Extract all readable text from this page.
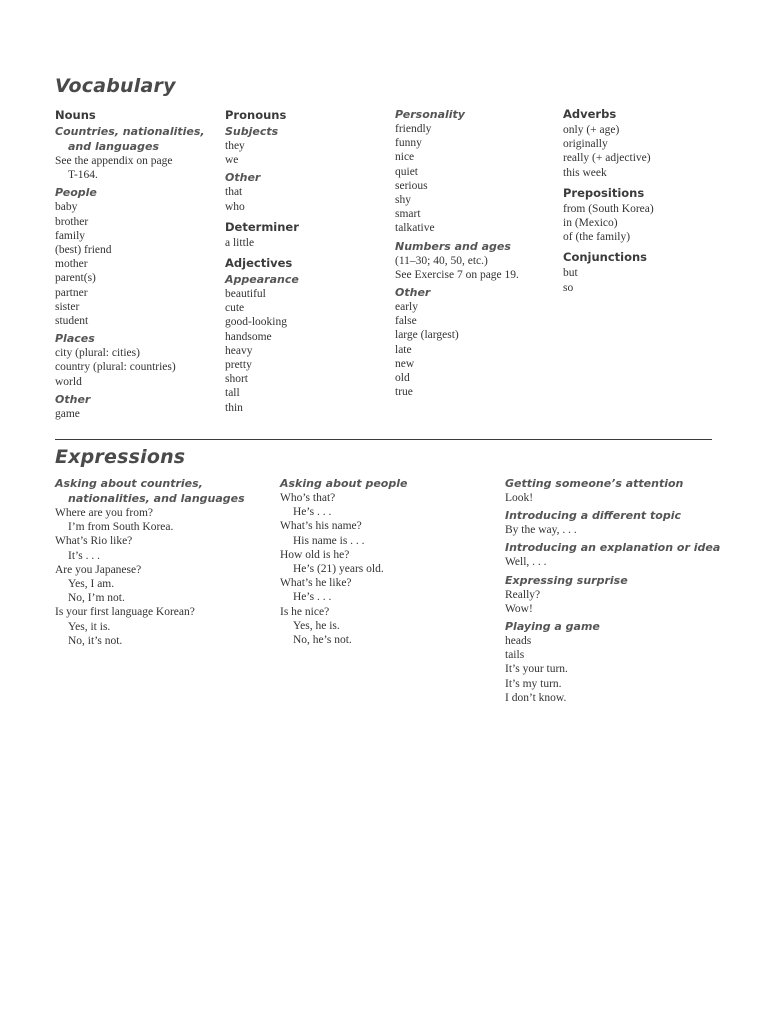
Vocabulary
Nouns
Countries, nationalities,
and languages
See the appendix on page
T-164.
People
baby
brother
family
(best) friend
mother
parent(s)
partner
sister
student
Places
city (plural: cities)
country (plural: countries)
world
Other
game
Pronouns
Subjects
they
we
Other
that
who
Determiner
a little
Adjectives
Appearance
beautiful
cute
good-looking
handsome
heavy
pretty
short
tall
thin
Personality
friendly
funny
nice
quiet
serious
shy
smart
talkative
Numbers and ages
(11–30; 40, 50, etc.)
See Exercise 7 on page 19.
Other
early
false
large (largest)
late
new
old
true
Adverbs
only (+ age)
originally
really (+ adjective)
this week
Prepositions
from (South Korea)
in (Mexico)
of (the family)
Conjunctions
but
so
Expressions
Asking about countries,
nationalities, and languages
Where are you from?
I’m from South Korea.
What’s Rio like?
It’s . . .
Are you Japanese?
Yes, I am.
No, I’m not.
Is your first language Korean?
Yes, it is.
No, it’s not.
Asking about people
Who’s that?
He’s . . .
What’s his name?
His name is . . .
How old is he?
He’s (21) years old.
What’s he like?
He’s . . .
Is he nice?
Yes, he is.
No, he’s not.
Getting someone’s attention
Look!
Introducing a different topic
By the way, . . .
Introducing an explanation or idea
Well, . . .
Expressing surprise
Really?
Wow!
Playing a game
heads
tails
It’s your turn.
It’s my turn.
I don’t know.
